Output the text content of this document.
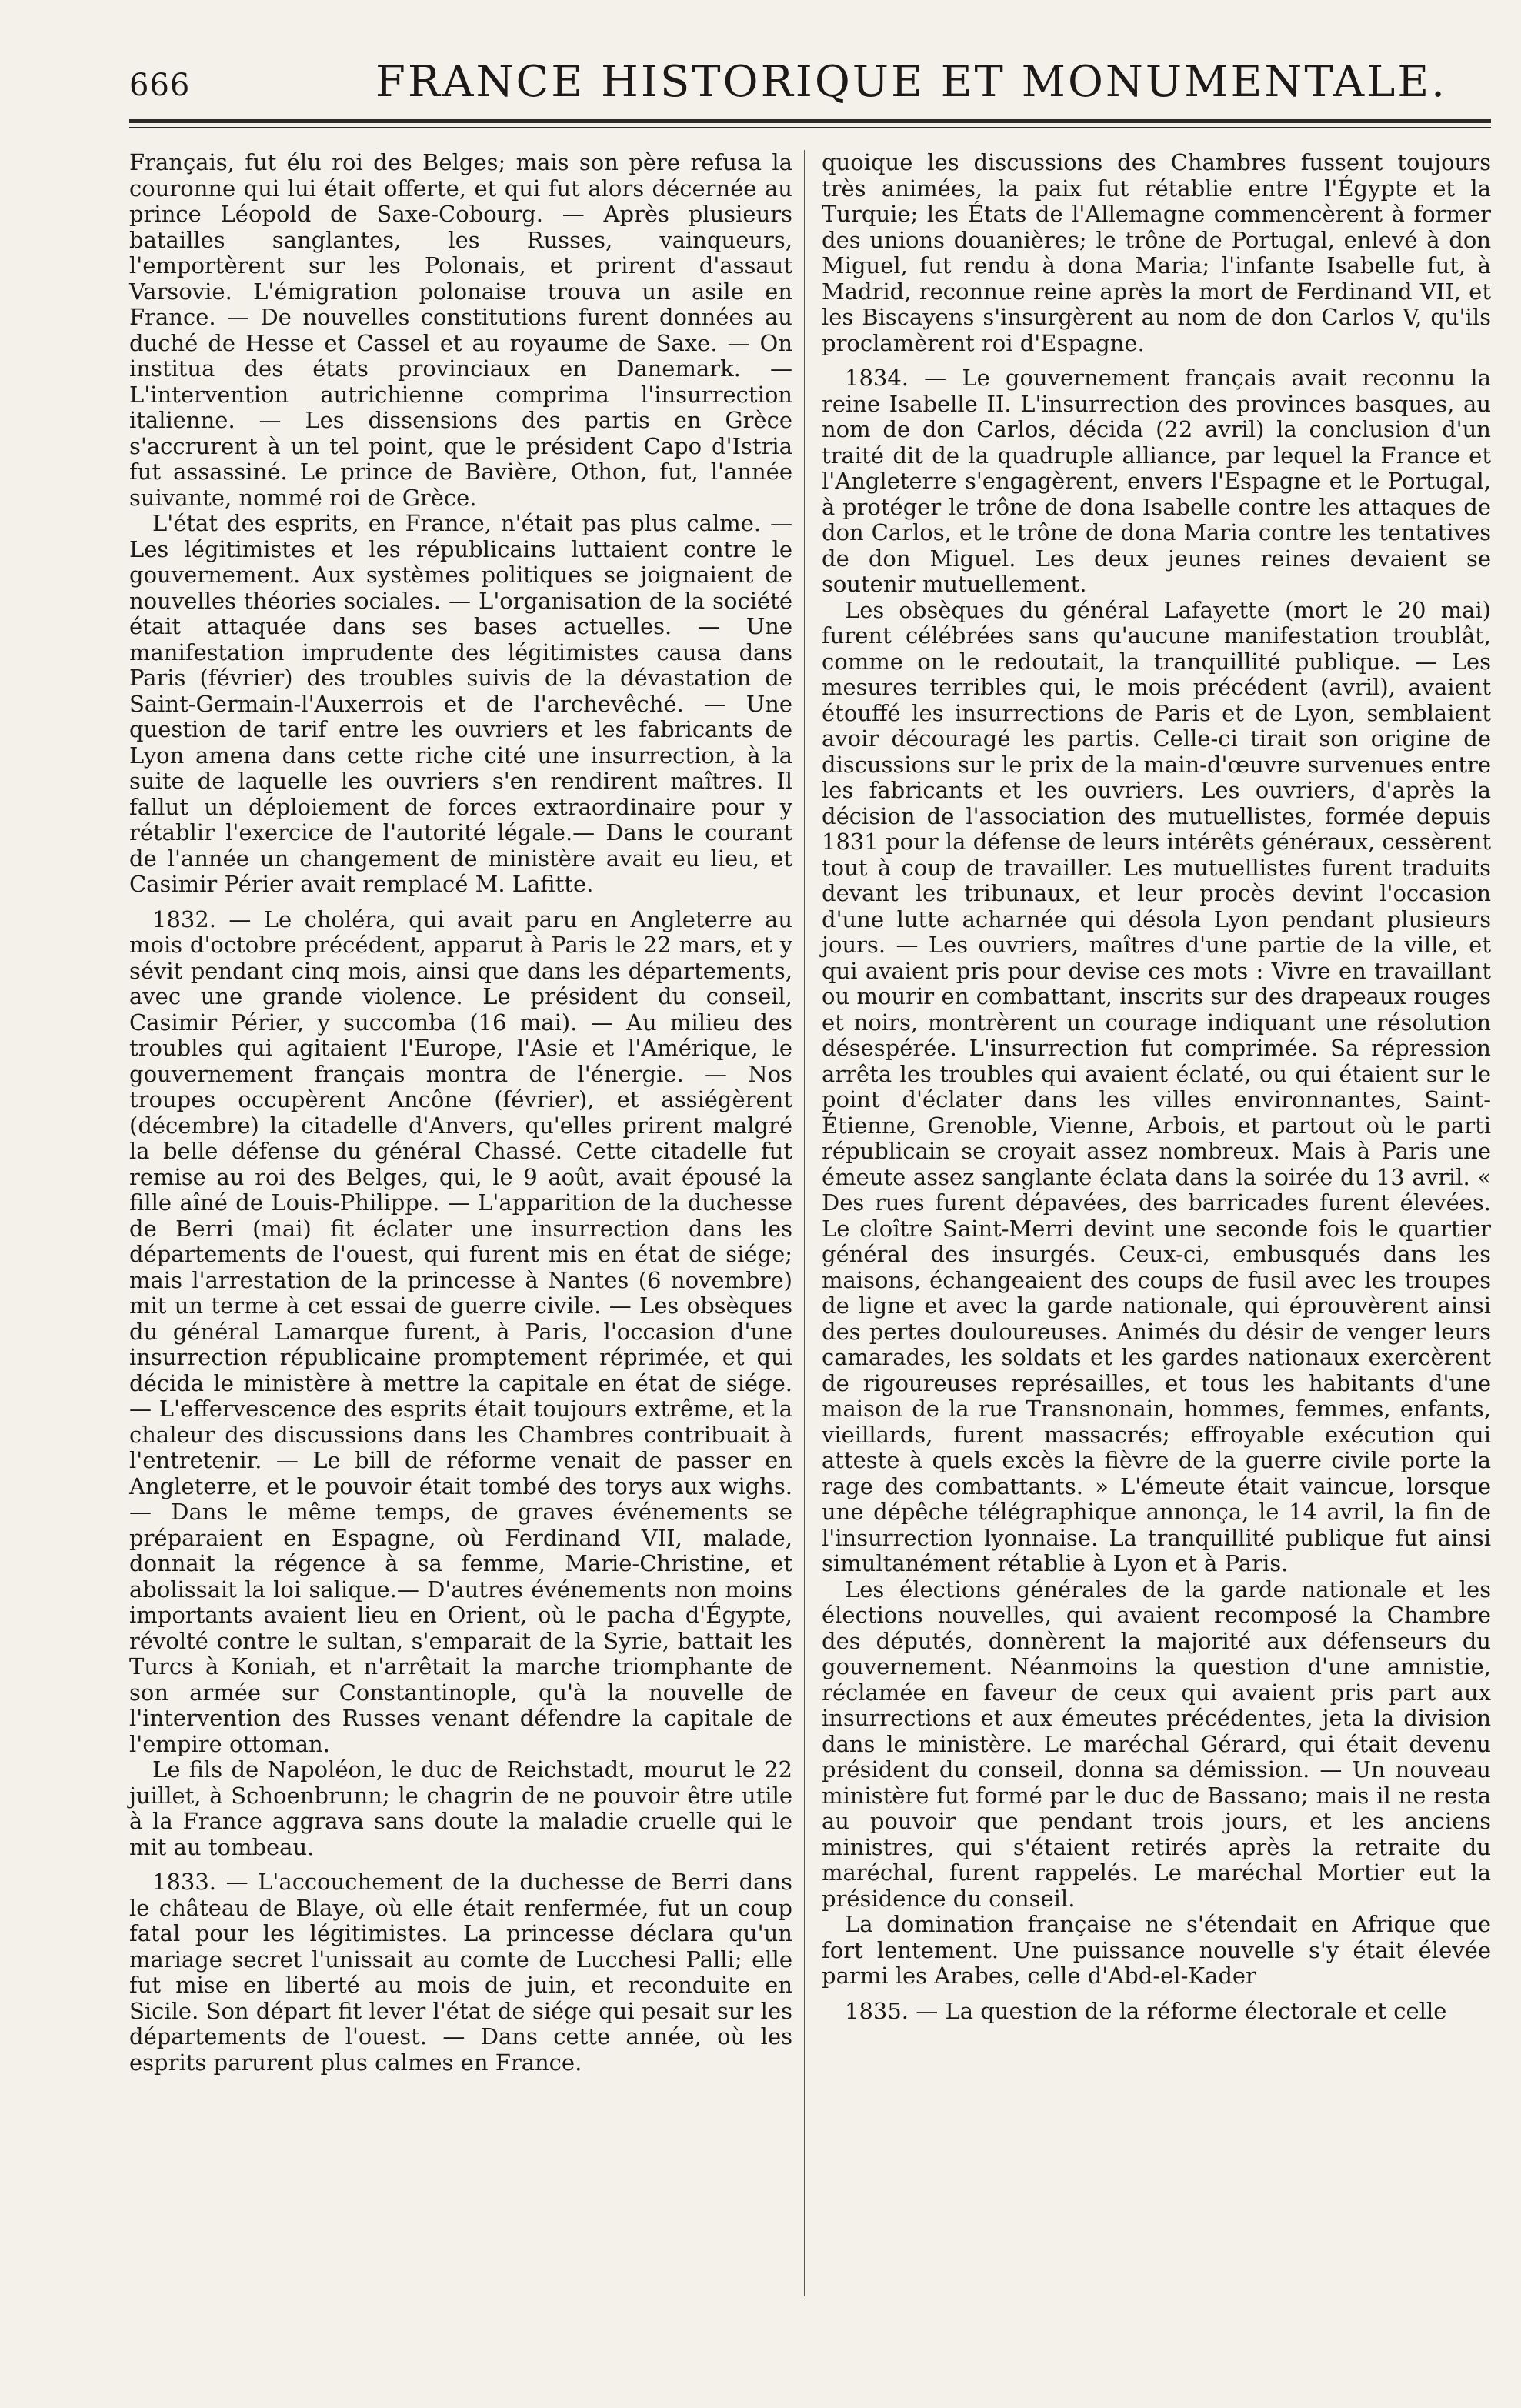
666	FRANCE HISTORIQUE ET MONUMENTALE.

Français, fut élu roi des Belges; mais son père refusa la couronne qui lui était offerte, et qui fut alors décernée au prince Léopold de Saxe-Cobourg. — Après plusieurs batailles sanglantes, les Russes, vainqueurs, l'emportèrent sur les Polonais, et prirent d'assaut Varsovie. L'émigration polonaise trouva un asile en France. — De nouvelles constitutions furent données au duché de Hesse et Cassel et au royaume de Saxe. — On institua des états provinciaux en Danemark. — L'intervention autrichienne comprima l'insurrection italienne. — Les dissensions des partis en Grèce s'accrurent à un tel point, que le président Capo d'Istria fut assassiné. Le prince de Bavière, Othon, fut, l'année suivante, nommé roi de Grèce.

L'état des esprits, en France, n'était pas plus calme. — Les légitimistes et les républicains luttaient contre le gouvernement. Aux systèmes politiques se joignaient de nouvelles théories sociales. — L'organisation de la société était attaquée dans ses bases actuelles. — Une manifestation imprudente des légitimistes causa dans Paris (février) des troubles suivis de la dévastation de Saint-Germain-l'Auxerrois et de l'archevêché. — Une question de tarif entre les ouvriers et les fabricants de Lyon amena dans cette riche cité une insurrection, à la suite de laquelle les ouvriers s'en rendirent maîtres. Il fallut un déploiement de forces extraordinaire pour y rétablir l'exercice de l'autorité légale.— Dans le courant de l'année un changement de ministère avait eu lieu, et Casimir Périer avait remplacé M. Lafitte.

1832. — Le choléra, qui avait paru en Angleterre au mois d'octobre précédent, apparut à Paris le 22 mars, et y sévit pendant cinq mois, ainsi que dans les départements, avec une grande violence. Le président du conseil, Casimir Périer, y succomba (16 mai). — Au milieu des troubles qui agitaient l'Europe, l'Asie et l'Amérique, le gouvernement français montra de l'énergie. — Nos troupes occupèrent Ancône (février), et assiégèrent (décembre) la citadelle d'Anvers, qu'elles prirent malgré la belle défense du général Chassé. Cette citadelle fut remise au roi des Belges, qui, le 9 août, avait épousé la fille aîné de Louis-Philippe. — L'apparition de la duchesse de Berri (mai) fit éclater une insurrection dans les départements de l'ouest, qui furent mis en état de siége; mais l'arrestation de la princesse à Nantes (6 novembre) mit un terme à cet essai de guerre civile. — Les obsèques du général Lamarque furent, à Paris, l'occasion d'une insurrection républicaine promptement réprimée, et qui décida le ministère à mettre la capitale en état de siége. — L'effervescence des esprits était toujours extrême, et la chaleur des discussions dans les Chambres contribuait à l'entretenir. — Le bill de réforme venait de passer en Angleterre, et le pouvoir était tombé des torys aux wighs. — Dans le même temps, de graves événements se préparaient en Espagne, où Ferdinand VII, malade, donnait la régence à sa femme, Marie-Christine, et abolissait la loi salique.— D'autres événements non moins importants avaient lieu en Orient, où le pacha d'Égypte, révolté contre le sultan, s'emparait de la Syrie, battait les Turcs à Koniah, et n'arrêtait la marche triomphante de son armée sur Constantinople, qu'à la nouvelle de l'intervention des Russes venant défendre la capitale de l'empire ottoman.

Le fils de Napoléon, le duc de Reichstadt, mourut le 22 juillet, à Schoenbrunn; le chagrin de ne pouvoir être utile à la France aggrava sans doute la maladie cruelle qui le mit au tombeau.

1833. — L'accouchement de la duchesse de Berri dans le château de Blaye, où elle était renfermée, fut un coup fatal pour les légitimistes. La princesse déclara qu'un mariage secret l'unissait au comte de Lucchesi Palli; elle fut mise en liberté au mois de juin, et reconduite en Sicile. Son départ fit lever l'état de siége qui pesait sur les départements de l'ouest. — Dans cette année, où les esprits parurent plus calmes en France.

quoique les discussions des Chambres fussent toujours très animées, la paix fut rétablie entre l'Égypte et la Turquie; les États de l'Allemagne commencèrent à former des unions douanières; le trône de Portugal, enlevé à don Miguel, fut rendu à dona Maria; l'infante Isabelle fut, à Madrid, reconnue reine après la mort de Ferdinand VII, et les Biscayens s'insurgèrent au nom de don Carlos V, qu'ils proclamèrent roi d'Espagne.

1834. — Le gouvernement français avait reconnu la reine Isabelle II. L'insurrection des provinces basques, au nom de don Carlos, décida (22 avril) la conclusion d'un traité dit de la quadruple alliance, par lequel la France et l'Angleterre s'engagèrent, envers l'Espagne et le Portugal, à protéger le trône de dona Isabelle contre les attaques de don Carlos, et le trône de dona Maria contre les tentatives de don Miguel. Les deux jeunes reines devaient se soutenir mutuellement.

Les obsèques du général Lafayette (mort le 20 mai) furent célébrées sans qu'aucune manifestation troublât, comme on le redoutait, la tranquillité publique. — Les mesures terribles qui, le mois précédent (avril), avaient étouffé les insurrections de Paris et de Lyon, semblaient avoir découragé les partis. Celle-ci tirait son origine de discussions sur le prix de la main-d'œuvre survenues entre les fabricants et les ouvriers. Les ouvriers, d'après la décision de l'association des mutuellistes, formée depuis 1831 pour la défense de leurs intérêts généraux, cessèrent tout à coup de travailler. Les mutuellistes furent traduits devant les tribunaux, et leur procès devint l'occasion d'une lutte acharnée qui désola Lyon pendant plusieurs jours. — Les ouvriers, maîtres d'une partie de la ville, et qui avaient pris pour devise ces mots : Vivre en travaillant ou mourir en combattant, inscrits sur des drapeaux rouges et noirs, montrèrent un courage indiquant une résolution désespérée. L'insurrection fut comprimée. Sa répression arrêta les troubles qui avaient éclaté, ou qui étaient sur le point d'éclater dans les villes environnantes, Saint-Étienne, Grenoble, Vienne, Arbois, et partout où le parti républicain se croyait assez nombreux. Mais à Paris une émeute assez sanglante éclata dans la soirée du 13 avril. « Des rues furent dépavées, des barricades furent élevées. Le cloître Saint-Merri devint une seconde fois le quartier général des insurgés. Ceux-ci, embusqués dans les maisons, échangeaient des coups de fusil avec les troupes de ligne et avec la garde nationale, qui éprouvèrent ainsi des pertes douloureuses. Animés du désir de venger leurs camarades, les soldats et les gardes nationaux exercèrent de rigoureuses représailles, et tous les habitants d'une maison de la rue Transnonain, hommes, femmes, enfants, vieillards, furent massacrés; effroyable exécution qui atteste à quels excès la fièvre de la guerre civile porte la rage des combattants. » L'émeute était vaincue, lorsque une dépêche télégraphique annonça, le 14 avril, la fin de l'insurrection lyonnaise. La tranquillité publique fut ainsi simultanément rétablie à Lyon et à Paris.

Les élections générales de la garde nationale et les élections nouvelles, qui avaient recomposé la Chambre des députés, donnèrent la majorité aux défenseurs du gouvernement. Néanmoins la question d'une amnistie, réclamée en faveur de ceux qui avaient pris part aux insurrections et aux émeutes précédentes, jeta la division dans le ministère. Le maréchal Gérard, qui était devenu président du conseil, donna sa démission. — Un nouveau ministère fut formé par le duc de Bassano; mais il ne resta au pouvoir que pendant trois jours, et les anciens ministres, qui s'étaient retirés après la retraite du maréchal, furent rappelés. Le maréchal Mortier eut la présidence du conseil.

La domination française ne s'étendait en Afrique que fort lentement. Une puissance nouvelle s'y était élevée parmi les Arabes, celle d'Abd-el-Kader

1835. — La question de la réforme électorale et celle
